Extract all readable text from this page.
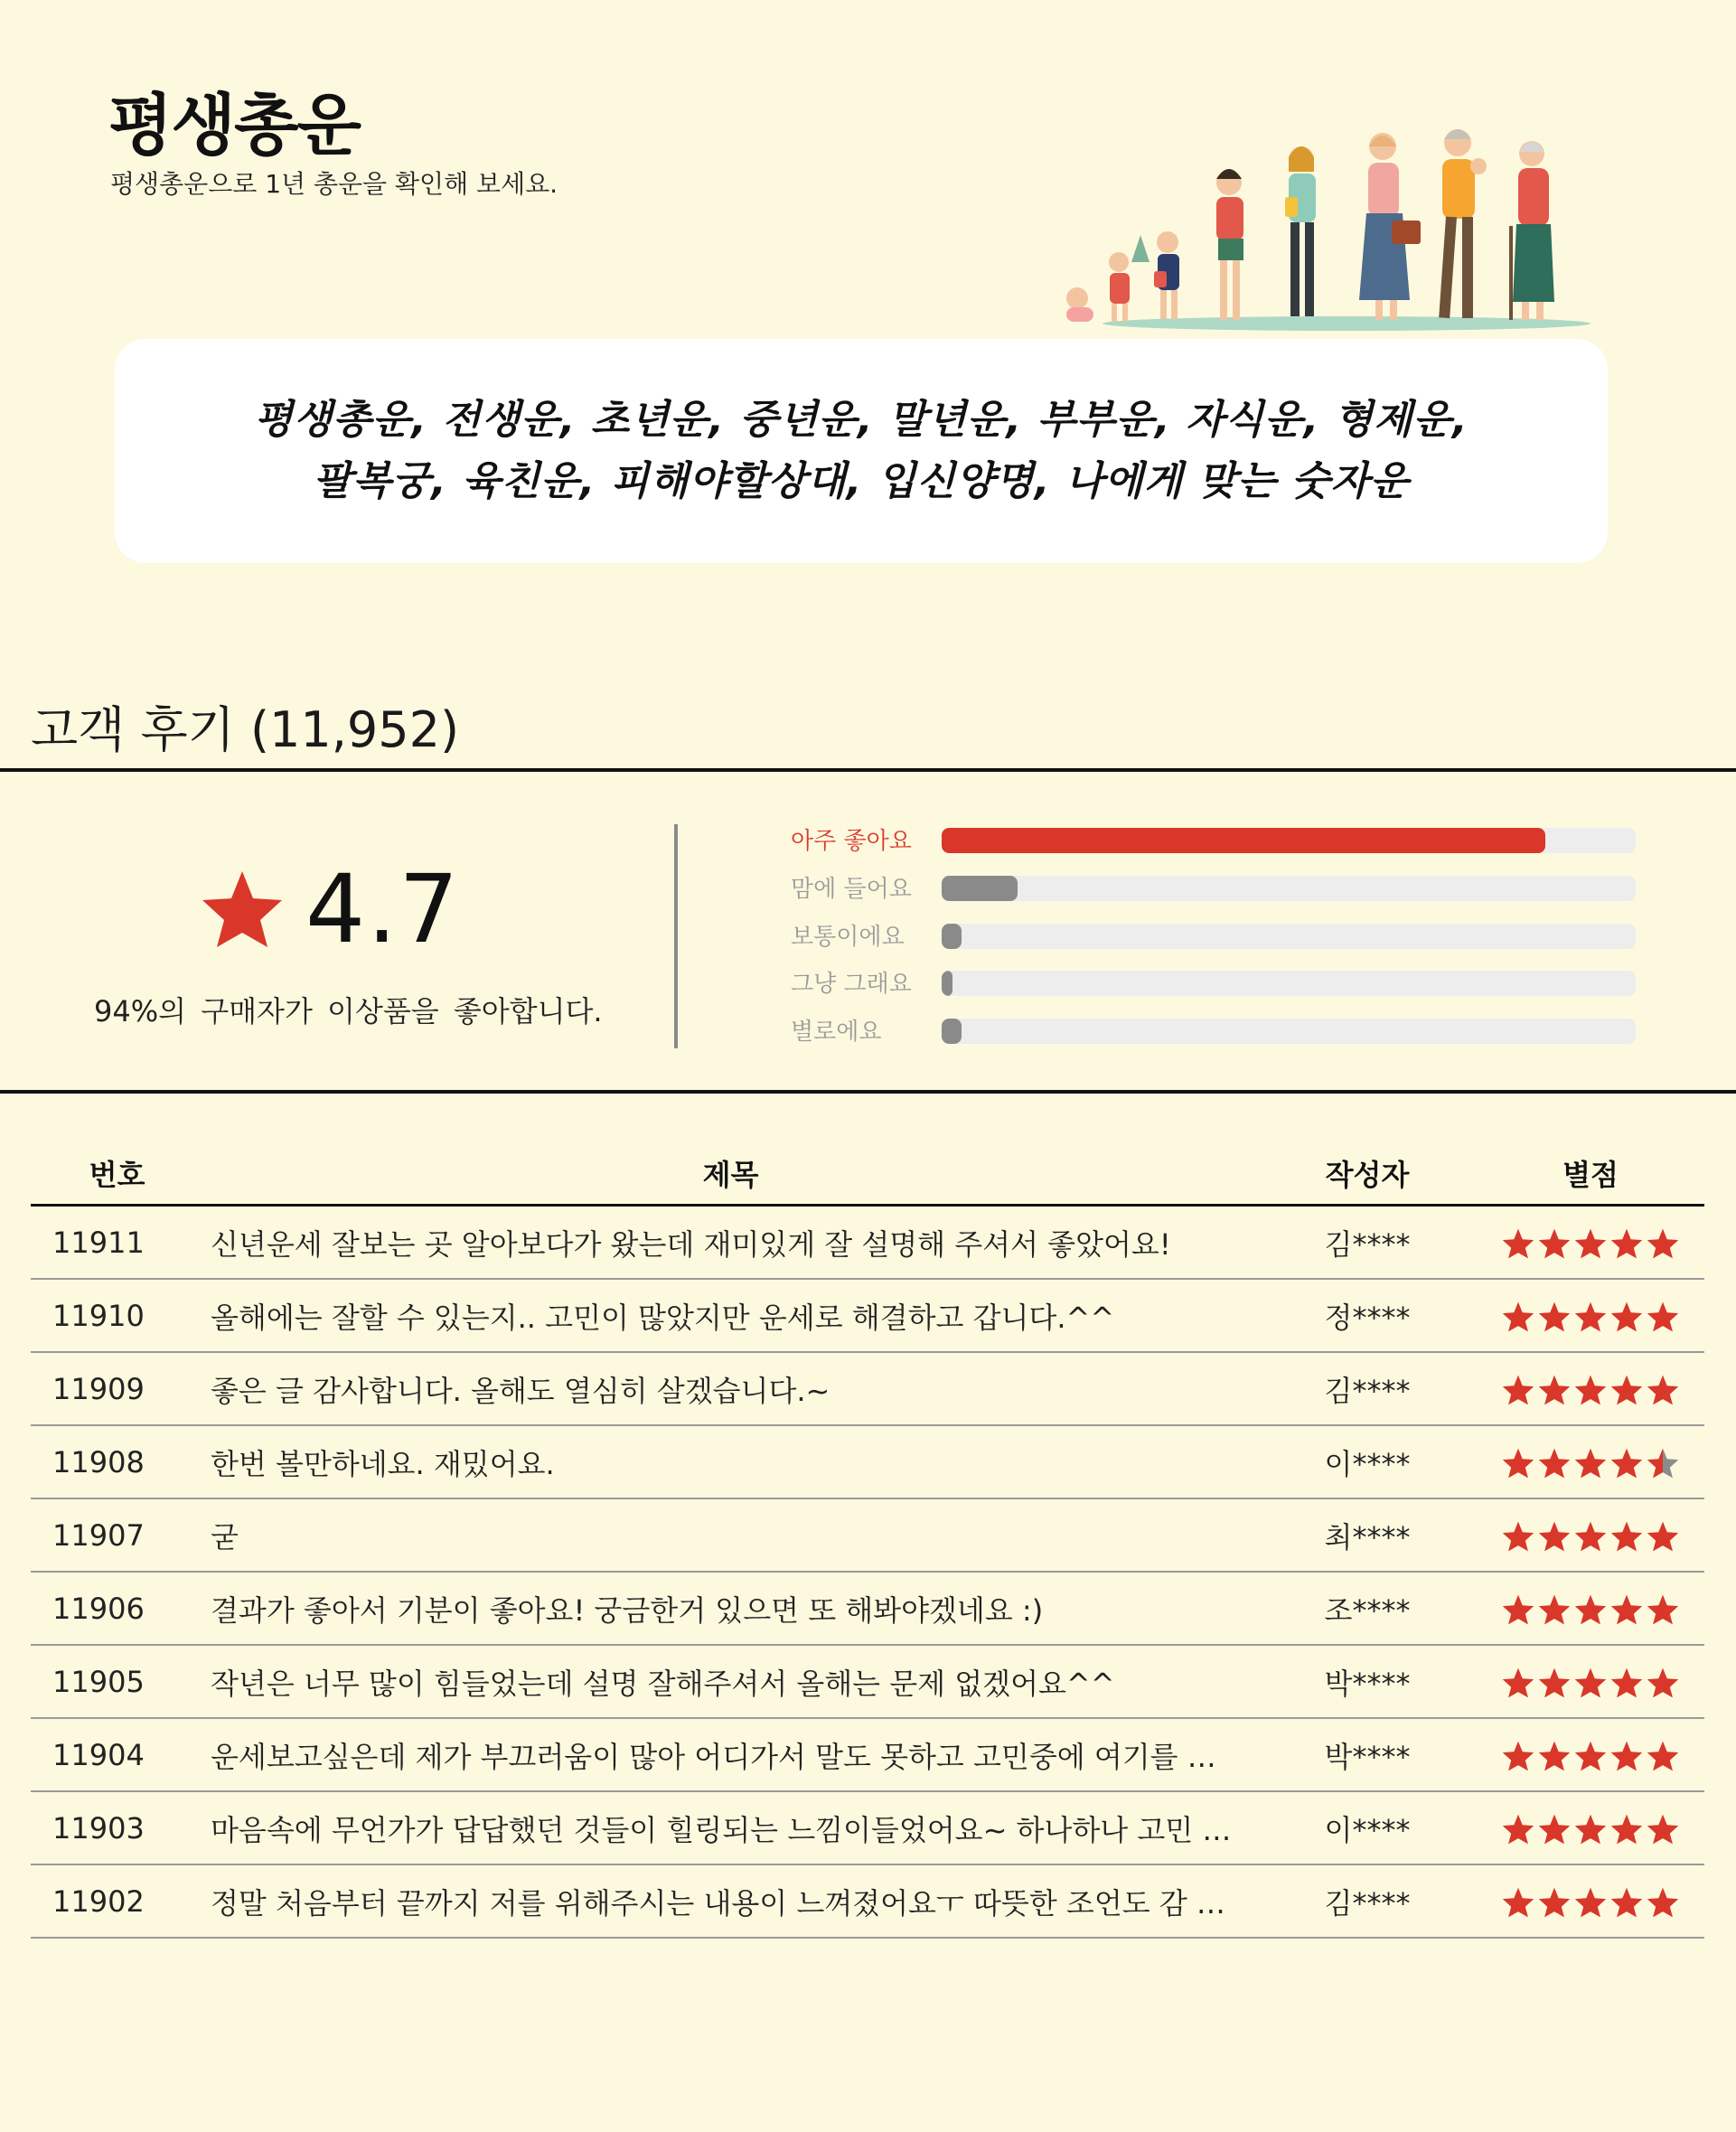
평생총운
평생총운으로 1년 총운을 확인해 보세요.
평생총운, 전생운, 초년운, 중년운, 말년운, 부부운, 자식운, 형제운,
팔복궁, 육친운, 피해야할상대, 입신양명, 나에게 맞는 숫자운
고객 후기 (11,952)
4.7
94%의 구매자가 이상품을 좋아합니다.
아주 좋아요
맘에 들어요
보통이에요
그냥 그래요
별로에요
번호	제목	작성자	별점
11911	신년운세 잘보는 곳 알아보다가 왔는데 재미있게 잘 설명해 주셔서 좋았어요!	김****	

11910	올해에는 잘할 수 있는지.. 고민이 많았지만 운세로 해결하고 갑니다.^^	정****	

11909	좋은 글 감사합니다. 올해도 열심히 살겠습니다.~	김****	

11908	한번 볼만하네요. 재밌어요.	이****	

11907	굳	최****	

11906	결과가 좋아서 기분이 좋아요! 궁금한거 있으면 또 해봐야겠네요 :)	조****	

11905	작년은 너무 많이 힘들었는데 설명 잘해주셔서 올해는 문제 없겠어요^^	박****	

11904	운세보고싶은데 제가 부끄러움이 많아 어디가서 말도 못하고 고민중에 여기를 …	박****	

11903	마음속에 무언가가 답답했던 것들이 힐링되는 느낌이들었어요~ 하나하나 고민 …	이****	

11902	정말 처음부터 끝까지 저를 위해주시는 내용이 느껴졌어요ㅜ 따뜻한 조언도 감 …	김****	
